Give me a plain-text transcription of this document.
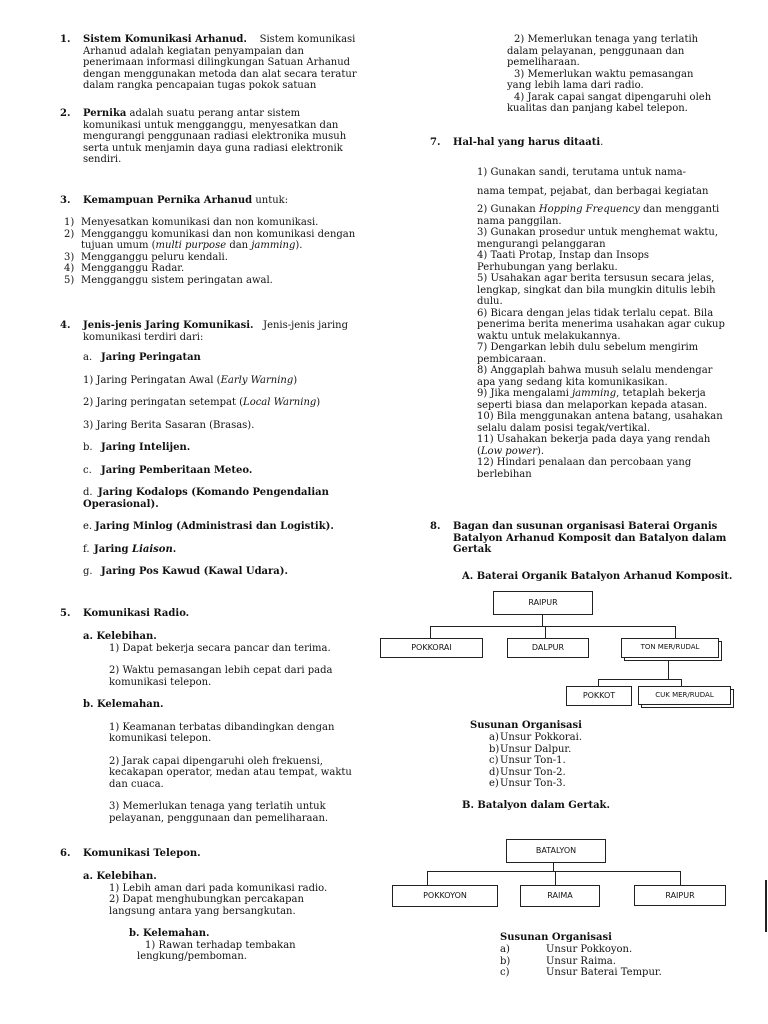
1. Sistem Komunikasi Arhanud. Sistem komunikasi
Arhanud adalah kegiatan penyampaian dan
penerimaan informasi dilingkungan Satuan Arhanud
dengan menggunakan metoda dan alat secara teratur
dalam rangka pencapaian tugas pokok satuan
2. Pernika adalah suatu perang antar sistem
komunikasi untuk mengganggu, menyesatkan dan
mengurangi penggunaan radiasi elektronika musuh
serta untuk menjamin daya guna radiasi elektronik
sendiri.
3. Kemampuan Pernika Arhanud untuk:
1) Menyesatkan komunikasi dan non komunikasi.
2) Mengganggu komunikasi dan non komunikasi dengan
tujuan umum (multi purpose dan jamming).
3) Mengganggu peluru kendali.
4) Mengganggu Radar.
5) Mengganggu sistem peringatan awal.
4. Jenis-jenis Jaring Komunikasi. Jenis-jenis jaring
komunikasi terdiri dari:
a. Jaring Peringatan
1) Jaring Peringatan Awal (Early Warning)
2) Jaring peringatan setempat (Local Warning)
3) Jaring Berita Sasaran (Brasas).
b. Jaring Intelijen.
c. Jaring Pemberitaan Meteo.
d. Jaring Kodalops (Komando Pengendalian
Operasional).
e. Jaring Minlog (Administrasi dan Logistik).
f. Jaring Liaison.
g. Jaring Pos Kawud (Kawal Udara).
5. Komunikasi Radio.
a. Kelebihan.
1) Dapat bekerja secara pancar dan terima.
2) Waktu pemasangan lebih cepat dari pada
komunikasi telepon.
b. Kelemahan.
1) Keamanan terbatas dibandingkan dengan
komunikasi telepon.
2) Jarak capai dipengaruhi oleh frekuensi,
kecakapan operator, medan atau tempat, waktu
dan cuaca.
3) Memerlukan tenaga yang terlatih untuk
pelayanan, penggunaan dan pemeliharaan.
6. Komunikasi Telepon.
a. Kelebihan.
1) Lebih aman dari pada komunikasi radio.
2) Dapat menghubungkan percakapan
langsung antara yang bersangkutan.
b. Kelemahan.
1) Rawan terhadap tembakan
lengkung/pemboman.
2) Memerlukan tenaga yang terlatih
dalam pelayanan, penggunaan dan
pemeliharaan.
3) Memerlukan waktu pemasangan
yang lebih lama dari radio.
4) Jarak capai sangat dipengaruhi oleh
kualitas dan panjang kabel telepon.
7. Hal-hal yang harus ditaati.
1) Gunakan sandi, terutama untuk nama-
nama tempat, pejabat, dan berbagai kegiatan
2) Gunakan Hopping Frequency dan mengganti
nama panggilan.
3) Gunakan prosedur untuk menghemat waktu,
mengurangi pelanggaran
4) Taati Protap, Instap dan Insops
Perhubungan yang berlaku.
5) Usahakan agar berita tersusun secara jelas,
lengkap, singkat dan bila mungkin ditulis lebih
dulu.
6) Bicara dengan jelas tidak terlalu cepat. Bila
penerima berita menerima usahakan agar cukup
waktu untuk melakukannya.
7) Dengarkan lebih dulu sebelum mengirim
pembicaraan.
8) Anggaplah bahwa musuh selalu mendengar
apa yang sedang kita komunikasikan.
9) Jika mengalami jamming, tetaplah bekerja
seperti biasa dan melaporkan kepada atasan.
10) Bila menggunakan antena batang, usahakan
selalu dalam posisi tegak/vertikal.
11) Usahakan bekerja pada daya yang rendah
(Low power).
12) Hindari penalaan dan percobaan yang
berlebihan
8. Bagan dan susunan organisasi Baterai Organis
Batalyon Arhanud Komposit dan Batalyon dalam
Gertak
A. Baterai Organik Batalyon Arhanud Komposit.
RAIPUR
POKKORAI	DALPUR	TON MER/RUDAL
POKKOT	CUK MER/RUDAL
Susunan Organisasi
a)Unsur Pokkorai.
b)Unsur Dalpur.
c)Unsur Ton-1.
d)Unsur Ton-2.
e)Unsur Ton-3.
B. Batalyon dalam Gertak.
BATALYON
POKKOYON	RAIMA	RAIPUR
Susunan Organisasi
a)	Unsur Pokkoyon.
b)	Unsur Raima.
c)	Unsur Baterai Tempur.
